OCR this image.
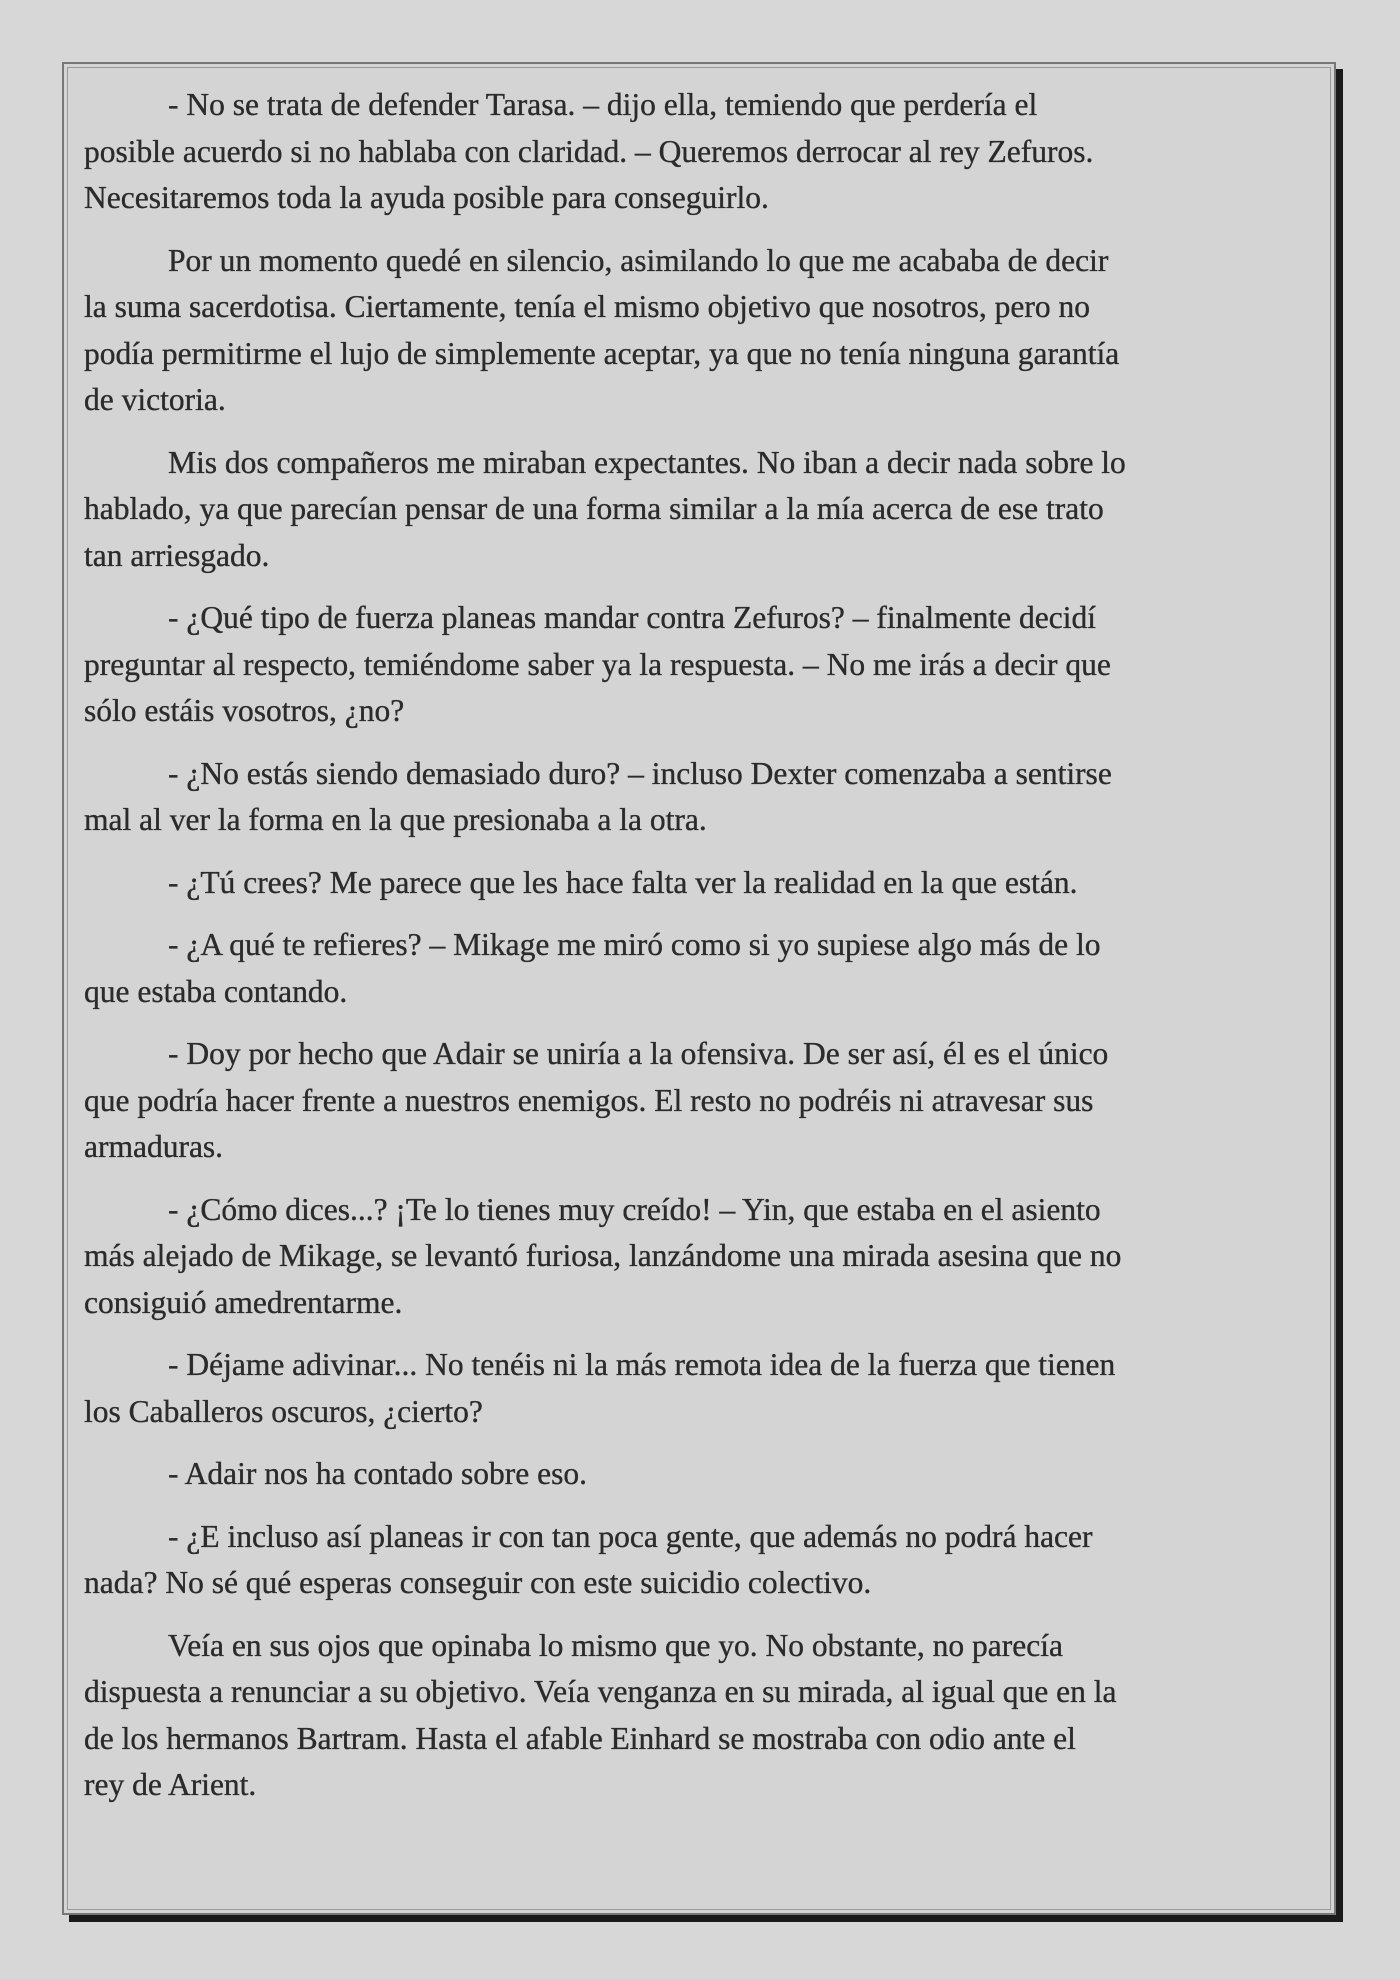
- No se trata de defender Tarasa. – dijo ella, temiendo que perdería el
posible acuerdo si no hablaba con claridad. – Queremos derrocar al rey Zefuros.
Necesitaremos toda la ayuda posible para conseguirlo.

Por un momento quedé en silencio, asimilando lo que me acababa de decir
la suma sacerdotisa. Ciertamente, tenía el mismo objetivo que nosotros, pero no
podía permitirme el lujo de simplemente aceptar, ya que no tenía ninguna garantía
de victoria.

Mis dos compañeros me miraban expectantes. No iban a decir nada sobre lo
hablado, ya que parecían pensar de una forma similar a la mía acerca de ese trato
tan arriesgado.

- ¿Qué tipo de fuerza planeas mandar contra Zefuros? – finalmente decidí
preguntar al respecto, temiéndome saber ya la respuesta. – No me irás a decir que
sólo estáis vosotros, ¿no?

- ¿No estás siendo demasiado duro? – incluso Dexter comenzaba a sentirse
mal al ver la forma en la que presionaba a la otra.

- ¿Tú crees? Me parece que les hace falta ver la realidad en la que están.

- ¿A qué te refieres? – Mikage me miró como si yo supiese algo más de lo
que estaba contando.

- Doy por hecho que Adair se uniría a la ofensiva. De ser así, él es el único
que podría hacer frente a nuestros enemigos. El resto no podréis ni atravesar sus
armaduras.

- ¿Cómo dices...? ¡Te lo tienes muy creído! – Yin, que estaba en el asiento
más alejado de Mikage, se levantó furiosa, lanzándome una mirada asesina que no
consiguió amedrentarme.

- Déjame adivinar... No tenéis ni la más remota idea de la fuerza que tienen
los Caballeros oscuros, ¿cierto?

- Adair nos ha contado sobre eso.

- ¿E incluso así planeas ir con tan poca gente, que además no podrá hacer
nada? No sé qué esperas conseguir con este suicidio colectivo.

Veía en sus ojos que opinaba lo mismo que yo. No obstante, no parecía
dispuesta a renunciar a su objetivo. Veía venganza en su mirada, al igual que en la
de los hermanos Bartram. Hasta el afable Einhard se mostraba con odio ante el
rey de Arient.
